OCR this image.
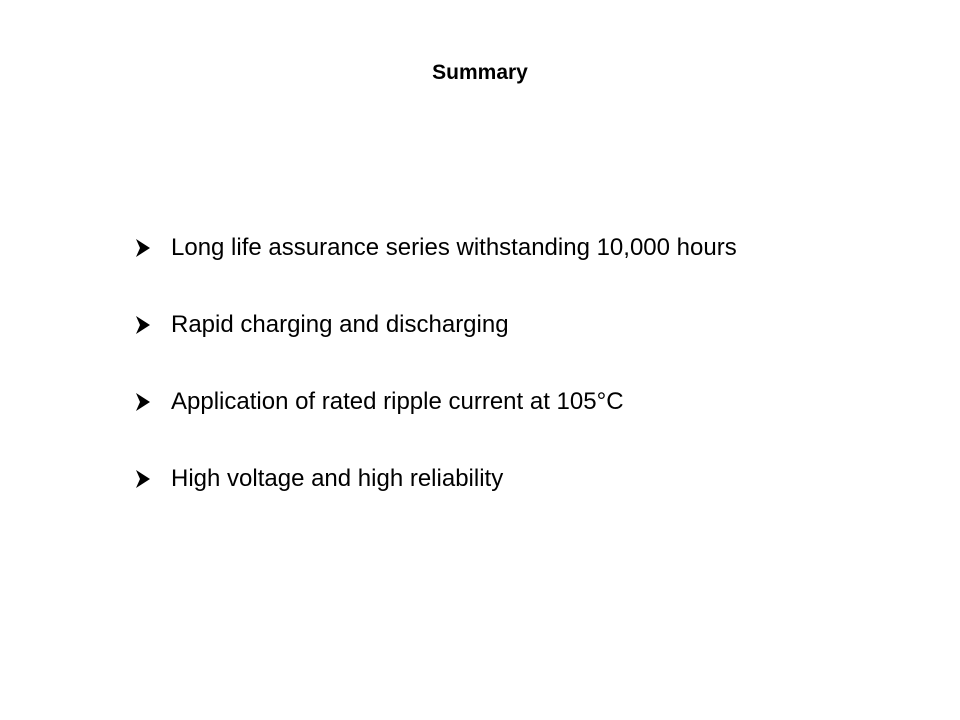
Summary
Long life assurance series withstanding 10,000 hours
Rapid charging and discharging
Application of rated ripple current at 105°C
High voltage and high reliability
